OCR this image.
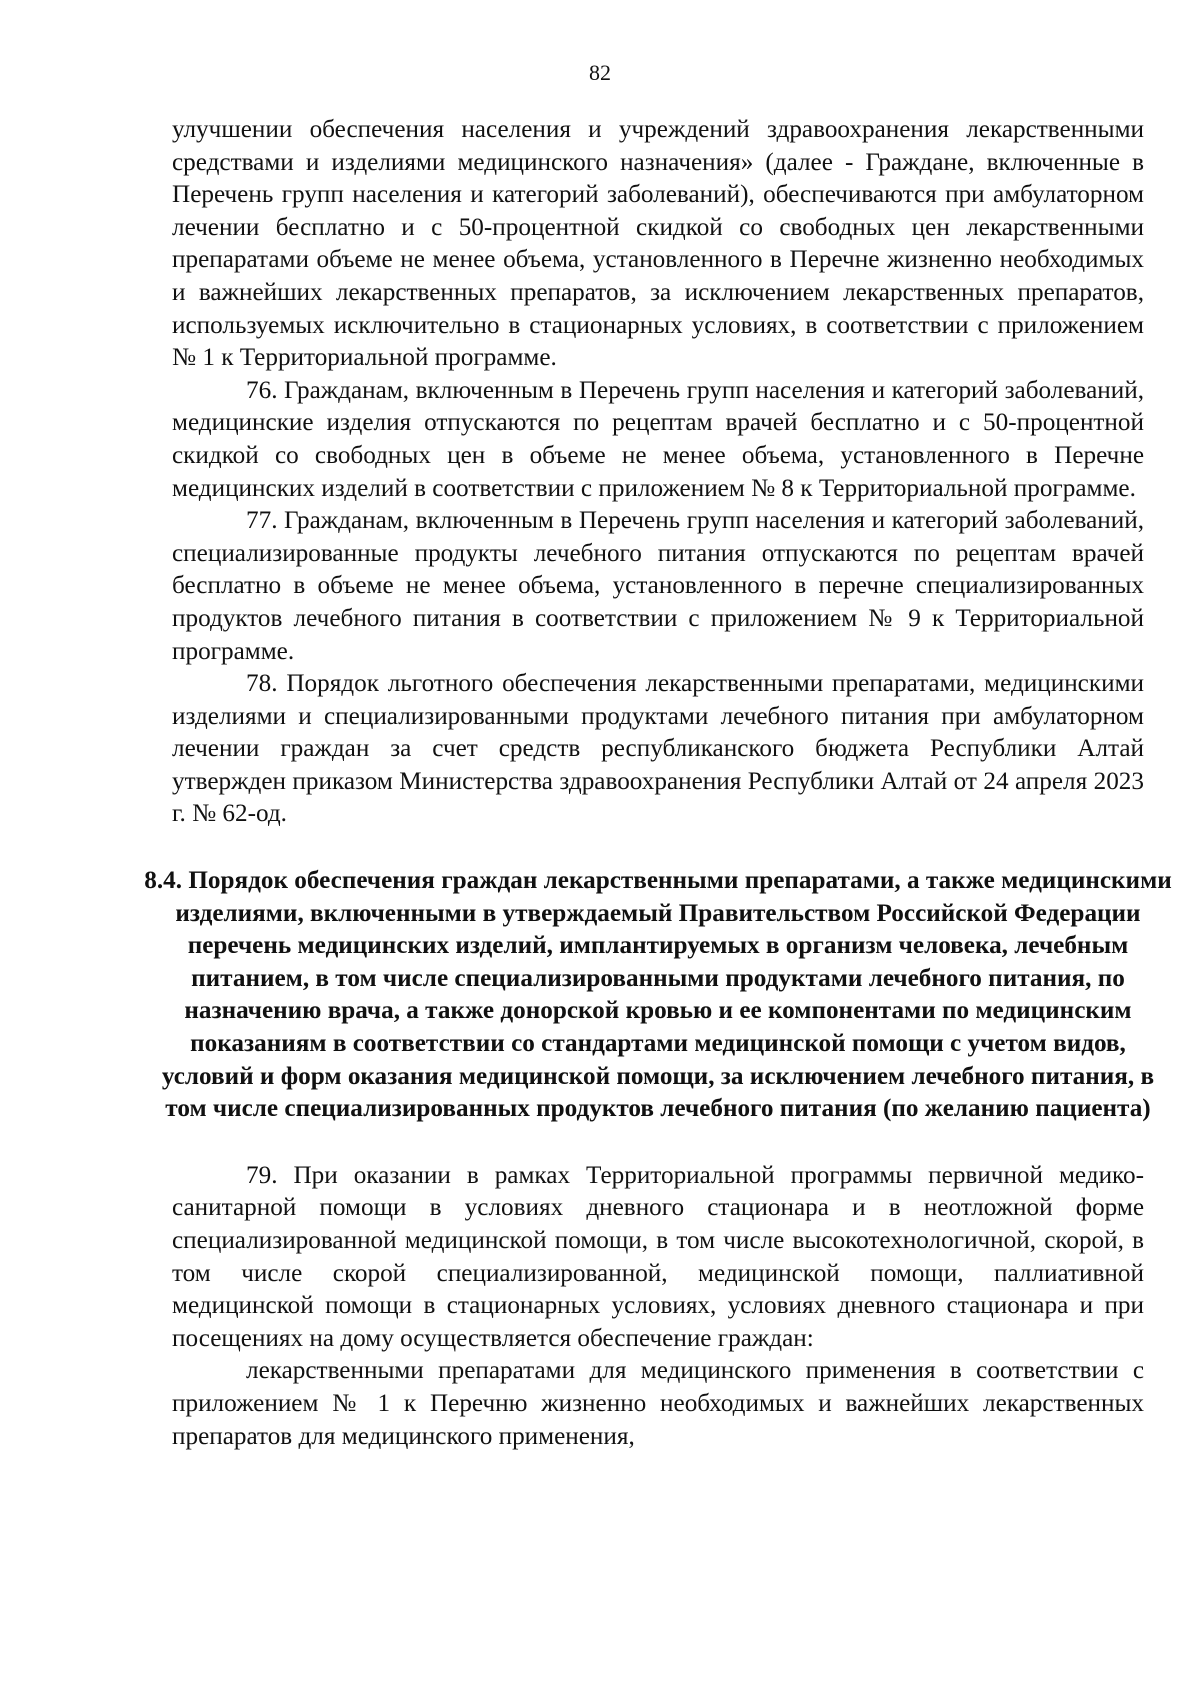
82

улучшении обеспечения населения и учреждений здравоохранения лекарственными средствами и изделиями медицинского назначения» (далее - Граждане, включенные в Перечень групп населения и категорий заболеваний), обеспечиваются при амбулаторном лечении бесплатно и с 50-процентной скидкой со свободных цен лекарственными препаратами объеме не менее объема, установленного в Перечне жизненно необходимых и важнейших лекарственных препаратов, за исключением лекарственных препаратов, используемых исключительно в стационарных условиях, в соответствии с приложением № 1 к Территориальной программе.

76. Гражданам, включенным в Перечень групп населения и категорий заболеваний, медицинские изделия отпускаются по рецептам врачей бесплатно и с 50-процентной скидкой со свободных цен в объеме не менее объема, установленного в Перечне медицинских изделий в соответствии с приложением № 8 к Территориальной программе.

77. Гражданам, включенным в Перечень групп населения и категорий заболеваний, специализированные продукты лечебного питания отпускаются по рецептам врачей бесплатно в объеме не менее объема, установленного в перечне специализированных продуктов лечебного питания в соответствии с приложением № 9 к Территориальной программе.

78. Порядок льготного обеспечения лекарственными препаратами, медицинскими изделиями и специализированными продуктами лечебного питания при амбулаторном лечении граждан за счет средств республиканского бюджета Республики Алтай утвержден приказом Министерства здравоохранения Республики Алтай от 24 апреля 2023 г. № 62-од.

8.4. Порядок обеспечения граждан лекарственными препаратами, а также медицинскими изделиями, включенными в утверждаемый Правительством Российской Федерации перечень медицинских изделий, имплантируемых в организм человека, лечебным питанием, в том числе специализированными продуктами лечебного питания, по назначению врача, а также донорской кровью и ее компонентами по медицинским показаниям в соответствии со стандартами медицинской помощи с учетом видов, условий и форм оказания медицинской помощи, за исключением лечебного питания, в том числе специализированных продуктов лечебного питания (по желанию пациента)

79. При оказании в рамках Территориальной программы первичной медико-санитарной помощи в условиях дневного стационара и в неотложной форме специализированной медицинской помощи, в том числе высокотехнологичной, скорой, в том числе скорой специализированной, медицинской помощи, паллиативной медицинской помощи в стационарных условиях, условиях дневного стационара и при посещениях на дому осуществляется обеспечение граждан:

лекарственными препаратами для медицинского применения в соответствии с приложением № 1 к Перечню жизненно необходимых и важнейших лекарственных препаратов для медицинского применения,
